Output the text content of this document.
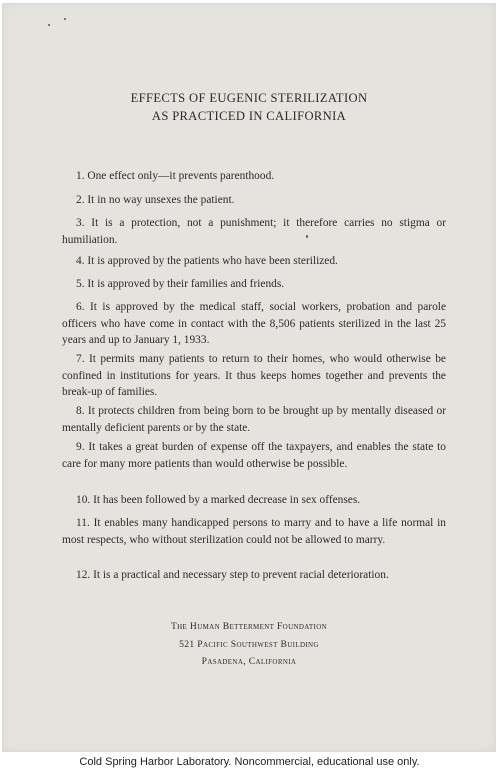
EFFECTS OF EUGENIC STERILIZATION
AS PRACTICED IN CALIFORNIA
1. One effect only—it prevents parenthood.
2. It in no way unsexes the patient.
3. It is a protection, not a punishment; it therefore carries no stigma or humiliation.
4. It is approved by the patients who have been sterilized.
5. It is approved by their families and friends.
6. It is approved by the medical staff, social workers, probation and parole officers who have come in contact with the 8,506 patients sterilized in the last 25 years and up to January 1, 1933.
7. It permits many patients to return to their homes, who would otherwise be confined in institutions for years. It thus keeps homes together and prevents the break-up of families.
8. It protects children from being born to be brought up by mentally diseased or mentally deficient parents or by the state.
9. It takes a great burden of expense off the taxpayers, and enables the state to care for many more patients than would otherwise be possible.
10. It has been followed by a marked decrease in sex offenses.
11. It enables many handicapped persons to marry and to have a life normal in most respects, who without sterilization could not be allowed to marry.
12. It is a practical and necessary step to prevent racial deterioration.
The Human Betterment Foundation
521 Pacific Southwest Building
Pasadena, California
Cold Spring Harbor Laboratory. Noncommercial, educational use only.
